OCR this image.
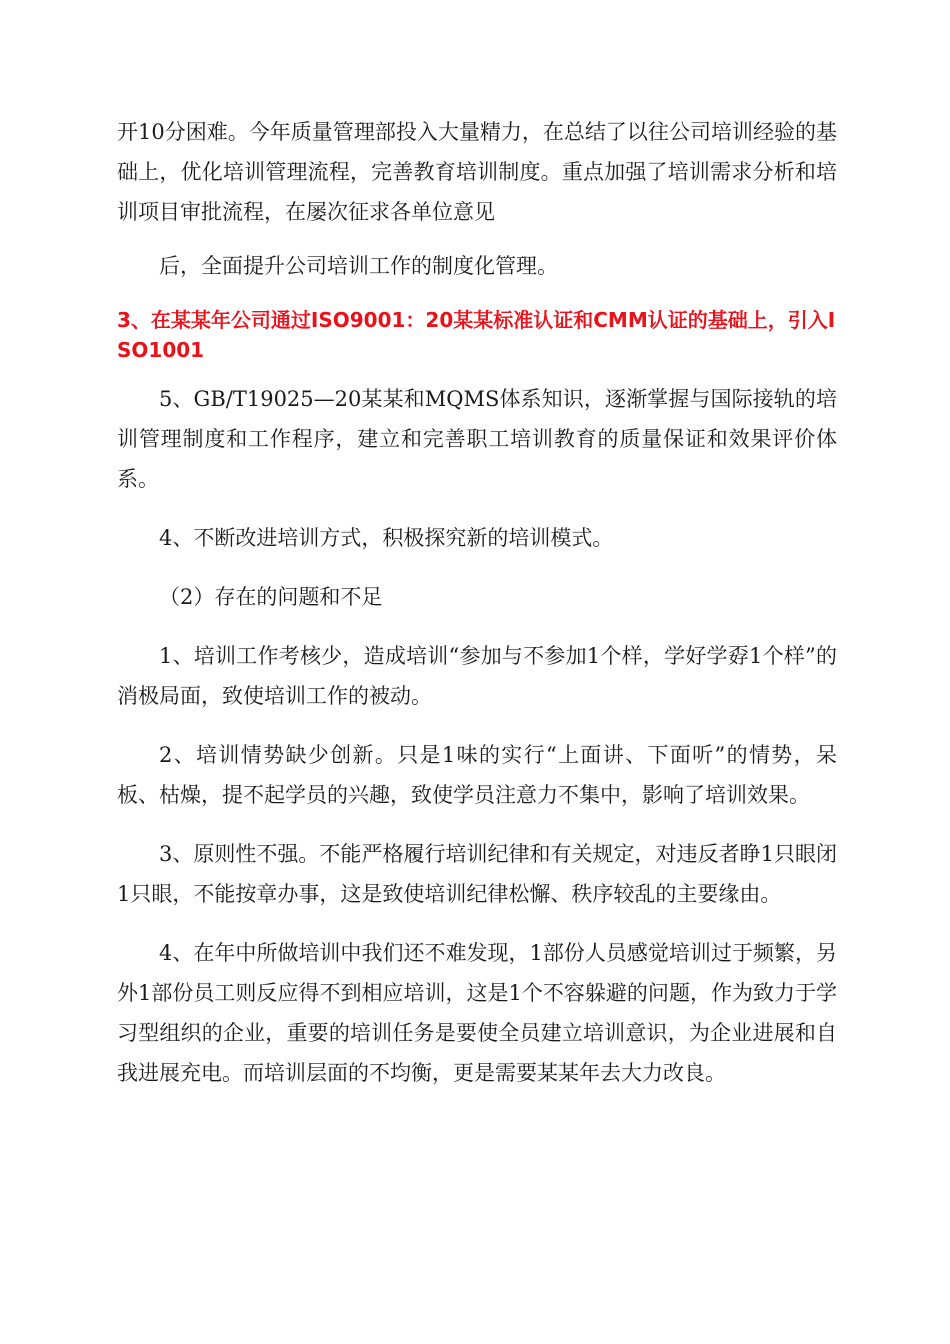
开10分困难。今年质量管理部投入大量精力，在总结了以往公司培训经验的基础上，优化培训管理流程，完善教育培训制度。重点加强了培训需求分析和培训项目审批流程，在屡次征求各单位意见

后，全面提升公司培训工作的制度化管理。

3、在某某年公司通过ISO9001：20某某标准认证和CMM认证的基础上，引入ISO1001

5、GB/T19025—20某某和MQMS体系知识，逐渐掌握与国际接轨的培训管理制度和工作程序，建立和完善职工培训教育的质量保证和效果评价体系。

4、不断改进培训方式，积极探究新的培训模式。

（2）存在的问题和不足

1、培训工作考核少，造成培训“参加与不参加1个样，学好学孬1个样”的消极局面，致使培训工作的被动。

2、培训情势缺少创新。只是1味的实行“上面讲、下面听”的情势，呆板、枯燥，提不起学员的兴趣，致使学员注意力不集中，影响了培训效果。

3、原则性不强。不能严格履行培训纪律和有关规定，对违反者睁1只眼闭1只眼，不能按章办事，这是致使培训纪律松懈、秩序较乱的主要缘由。

4、在年中所做培训中我们还不难发现，1部份人员感觉培训过于频繁，另外1部份员工则反应得不到相应培训，这是1个不容躲避的问题，作为致力于学习型组织的企业，重要的培训任务是要使全员建立培训意识，为企业进展和自我进展充电。而培训层面的不均衡，更是需要某某年去大力改良。
